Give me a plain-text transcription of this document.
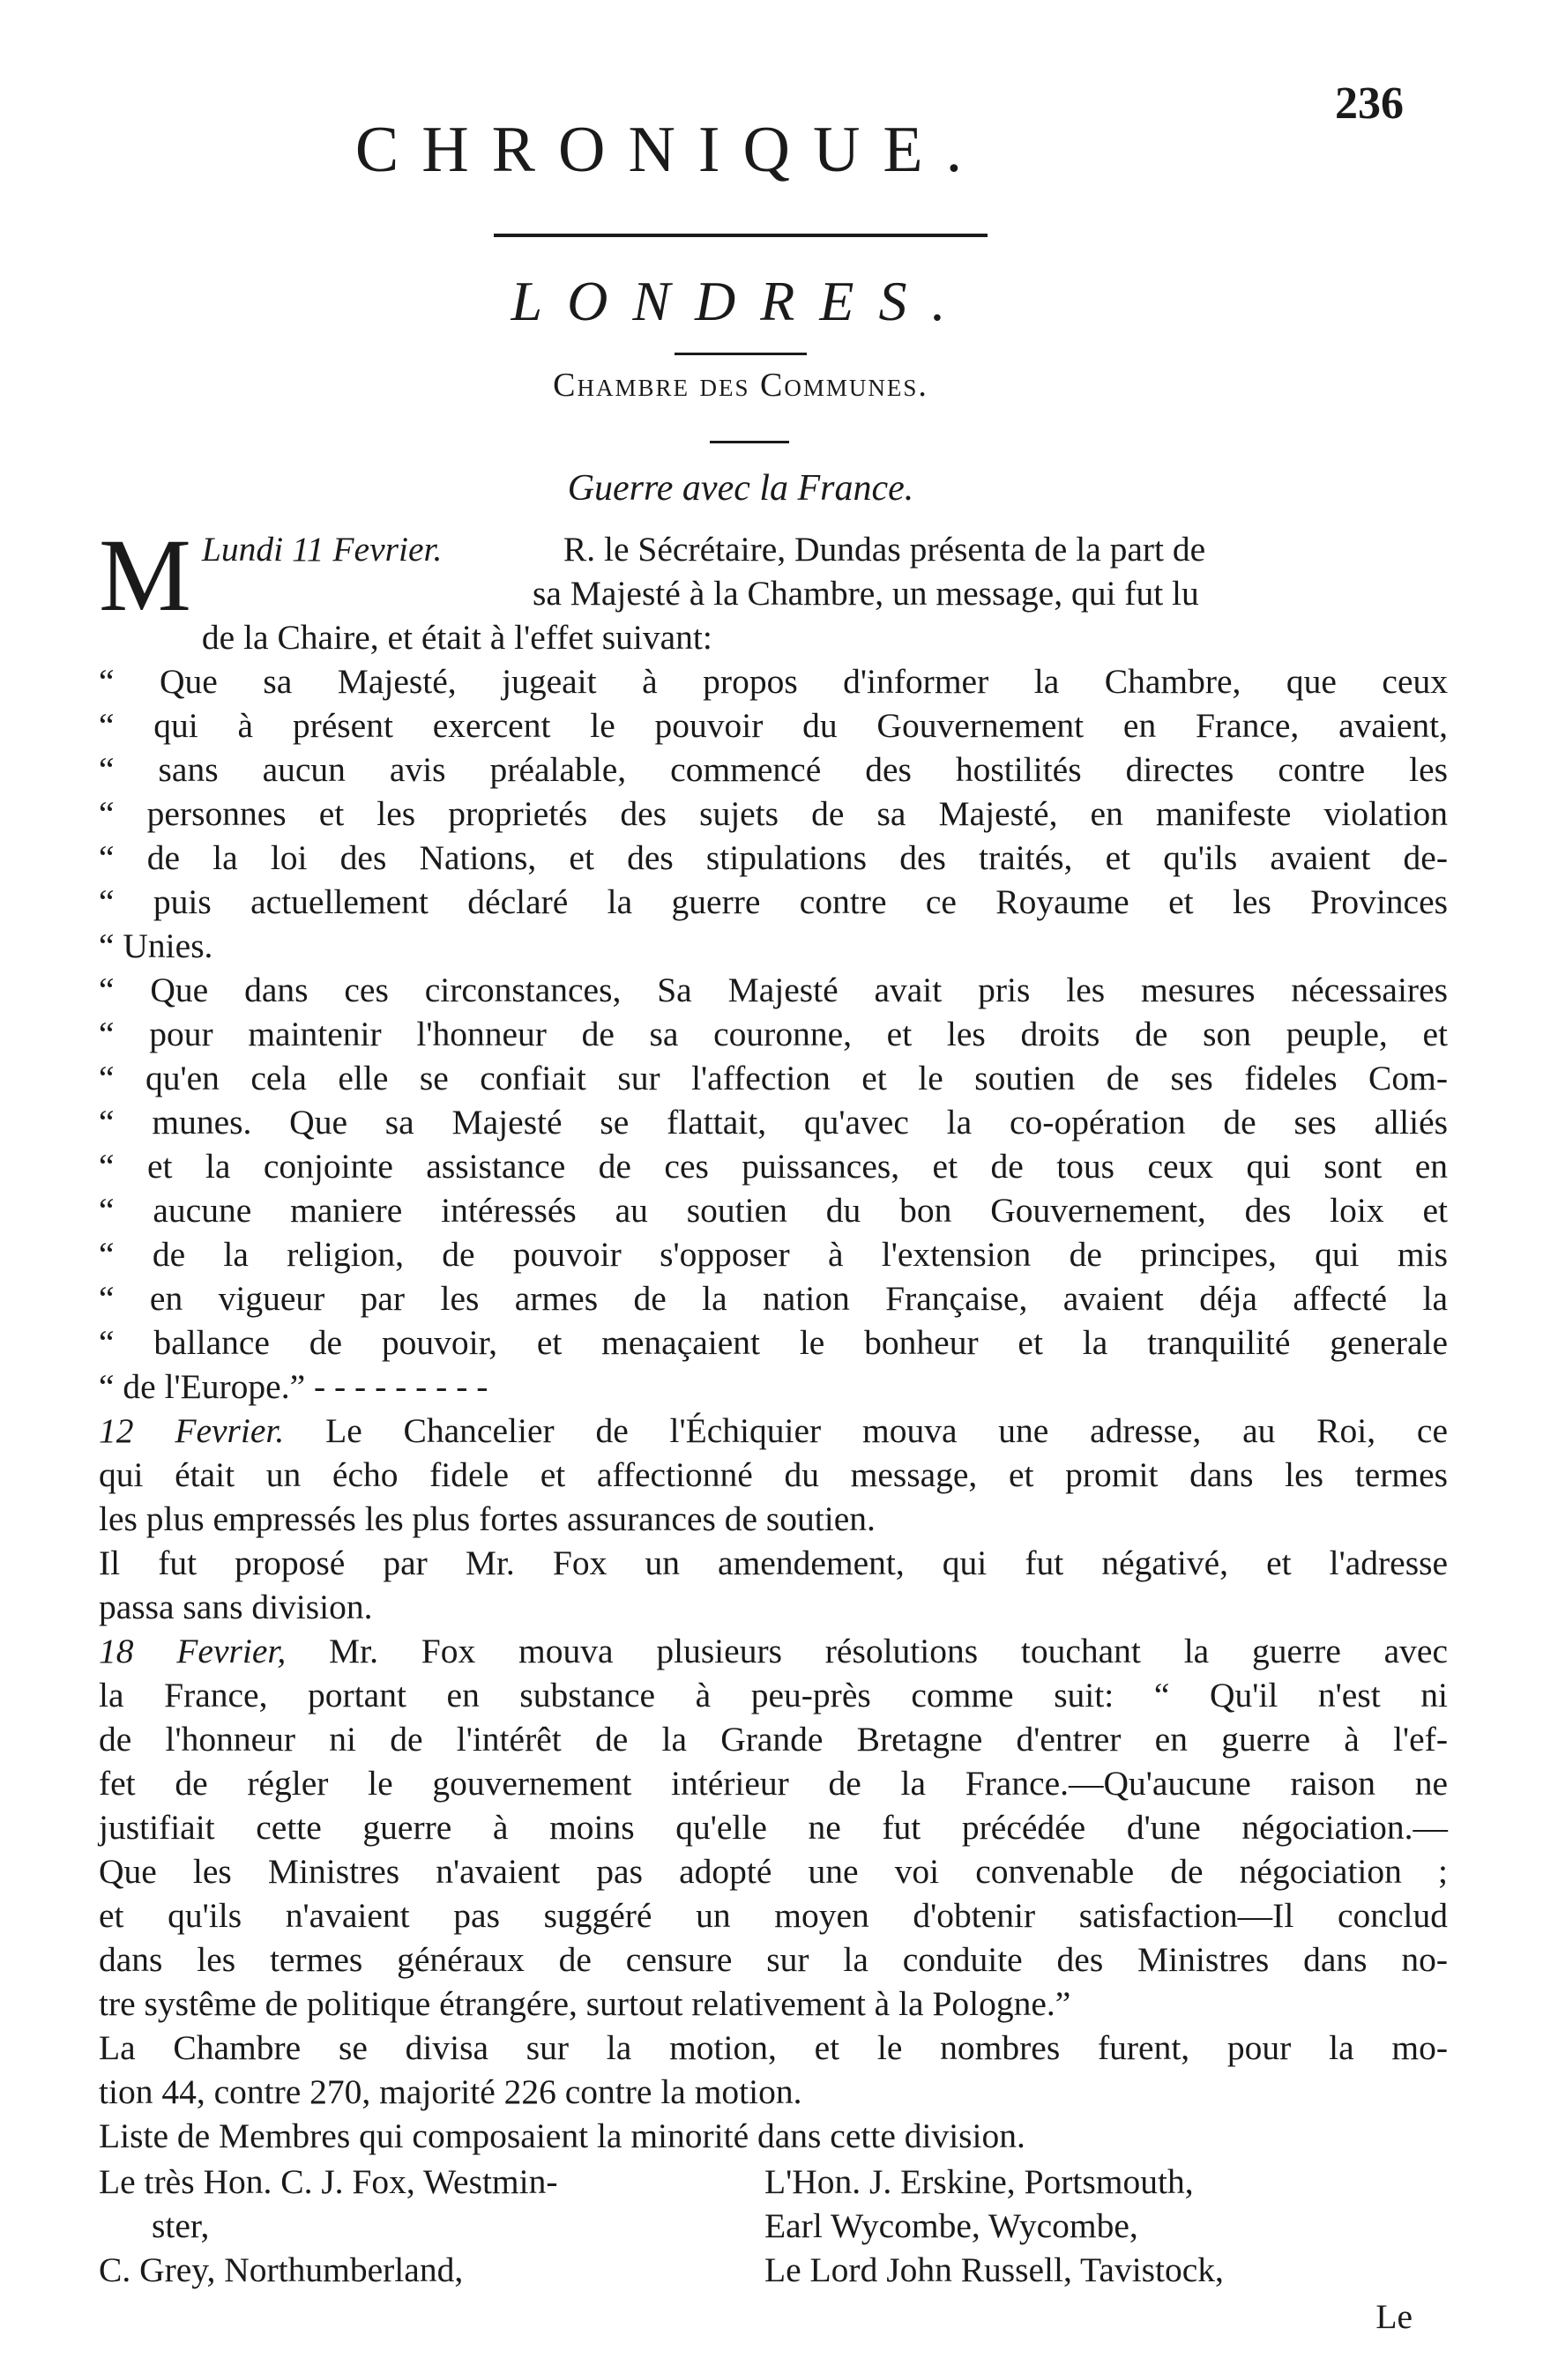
236
CHRONIQUE.
LONDRES.
Chambre des Communes.
Guerre avec la France.
Lundi 11 Fevrier.
M	R. le Sécrétaire, Dundas présenta de la part de
sa Majesté à la Chambre, un message, qui fut lu
de la Chaire, et était à l'effet suivant:
“ Que sa Majesté, jugeait à propos d'informer la Chambre, que ceux
“ qui à présent exercent le pouvoir du Gouvernement en France, avaient,
“ sans aucun avis préalable, commencé des hostilités directes contre les
“ personnes et les proprietés des sujets de sa Majesté, en manifeste violation
“ de la loi des Nations, et des stipulations des traités, et qu'ils avaient de-
“ puis actuellement déclaré la guerre contre ce Royaume et les Provinces
“ Unies.
“ Que dans ces circonstances, Sa Majesté avait pris les mesures nécessaires
“ pour maintenir l'honneur de sa couronne, et les droits de son peuple, et
“ qu'en cela elle se confiait sur l'affection et le soutien de ses fideles Com-
“ munes. Que sa Majesté se flattait, qu'avec la co-opération de ses alliés
“ et la conjointe assistance de ces puissances, et de tous ceux qui sont en
“ aucune maniere intéressés au soutien du bon Gouvernement, des loix et
“ de la religion, de pouvoir s'opposer à l'extension de principes, qui mis
“ en vigueur par les armes de la nation Française, avaient déja affecté la
“ ballance de pouvoir, et menaçaient le bonheur et la tranquilité generale
“ de l'Europe.” - - - - - - - - -
12 Fevrier. Le Chancelier de l'Échiquier mouva une adresse, au Roi, ce
qui était un écho fidele et affectionné du message, et promit dans les termes
les plus empressés les plus fortes assurances de soutien.
Il fut proposé par Mr. Fox un amendement, qui fut négativé, et l'adresse
passa sans division.
18 Fevrier, Mr. Fox mouva plusieurs résolutions touchant la guerre avec
la France, portant en substance à peu-près comme suit: “ Qu'il n'est ni
de l'honneur ni de l'intérêt de la Grande Bretagne d'entrer en guerre à l'ef-
fet de régler le gouvernement intérieur de la France.—Qu'aucune raison ne
justifiait cette guerre à moins qu'elle ne fut précédée d'une négociation.—
Que les Ministres n'avaient pas adopté une voi convenable de négociation ;
et qu'ils n'avaient pas suggéré un moyen d'obtenir satisfaction—Il conclud
dans les termes généraux de censure sur la conduite des Ministres dans no-
tre systême de politique étrangére, surtout relativement à la Pologne.”
La Chambre se divisa sur la motion, et le nombres furent, pour la mo-
tion 44, contre 270, majorité 226 contre la motion.
Liste de Membres qui composaient la minorité dans cette division.
Le très Hon. C. J. Fox, Westmin-
ster,
C. Grey, Northumberland,
L'Hon. J. Erskine, Portsmouth,
Earl Wycombe, Wycombe,
Le Lord John Russell, Tavistock,
Le
